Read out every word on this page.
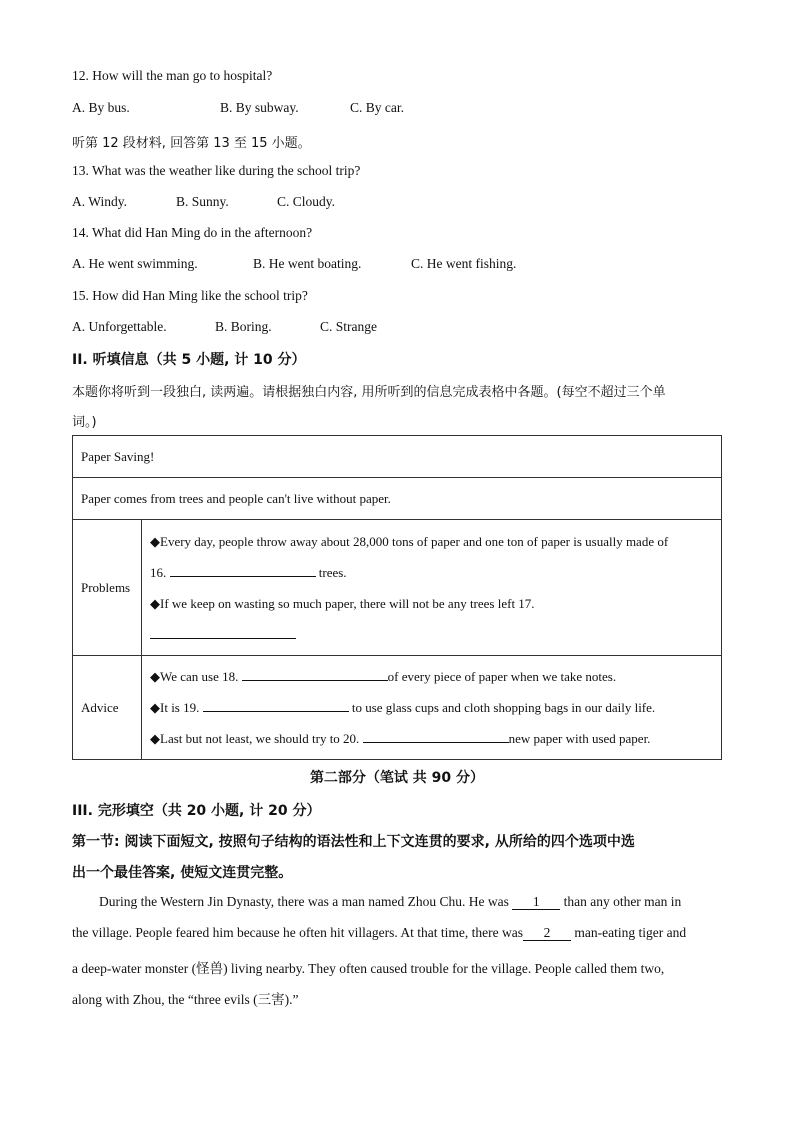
12. How will the man go to hospital?
A. By bus.	B. By subway.	C. By car.
听第 12 段材料, 回答第 13 至 15 小题。
13. What was the weather like during the school trip?
A. Windy.	B. Sunny.	C. Cloudy.
14. What did Han Ming do in the afternoon?
A. He went swimming.	B. He went boating.	C. He went fishing.
15. How did Han Ming like the school trip?
A. Unforgettable.	B. Boring.	C. Strange
II. 听填信息（共 5 小题, 计 10 分）
本题你将听到一段独白, 读两遍。请根据独白内容, 用所听到的信息完成表格中各题。(每空不超过三个单
词。)
Paper Saving!	
Paper comes from trees and people can't live without paper.	
Problems	◆Every day, people throw away about 28,000 tons of paper and one ton of paper is usually made of
16. trees.
◆If we keep on wasting so much paper, there will not be any trees left 17.

Advice	◆We can use 18. of every piece of paper when we take notes.
◆It is 19. to use glass cups and cloth shopping bags in our daily life.
◆Last but not least, we should try to 20. new paper with used paper.
第二部分（笔试 共 90 分）
III. 完形填空（共 20 小题, 计 20 分）
第一节: 阅读下面短文, 按照句子结构的语法性和上下文连贯的要求, 从所给的四个选项中选
出一个最佳答案, 使短文连贯完整。
During the Western Jin Dynasty, there was a man named Zhou Chu. He was 1 than any other man in
the village. People feared him because he often hit villagers. At that time, there was 2 man-eating tiger and
a deep-water monster (怪兽) living nearby. They often caused trouble for the village. People called them two,
along with Zhou, the “three evils (三害).”
